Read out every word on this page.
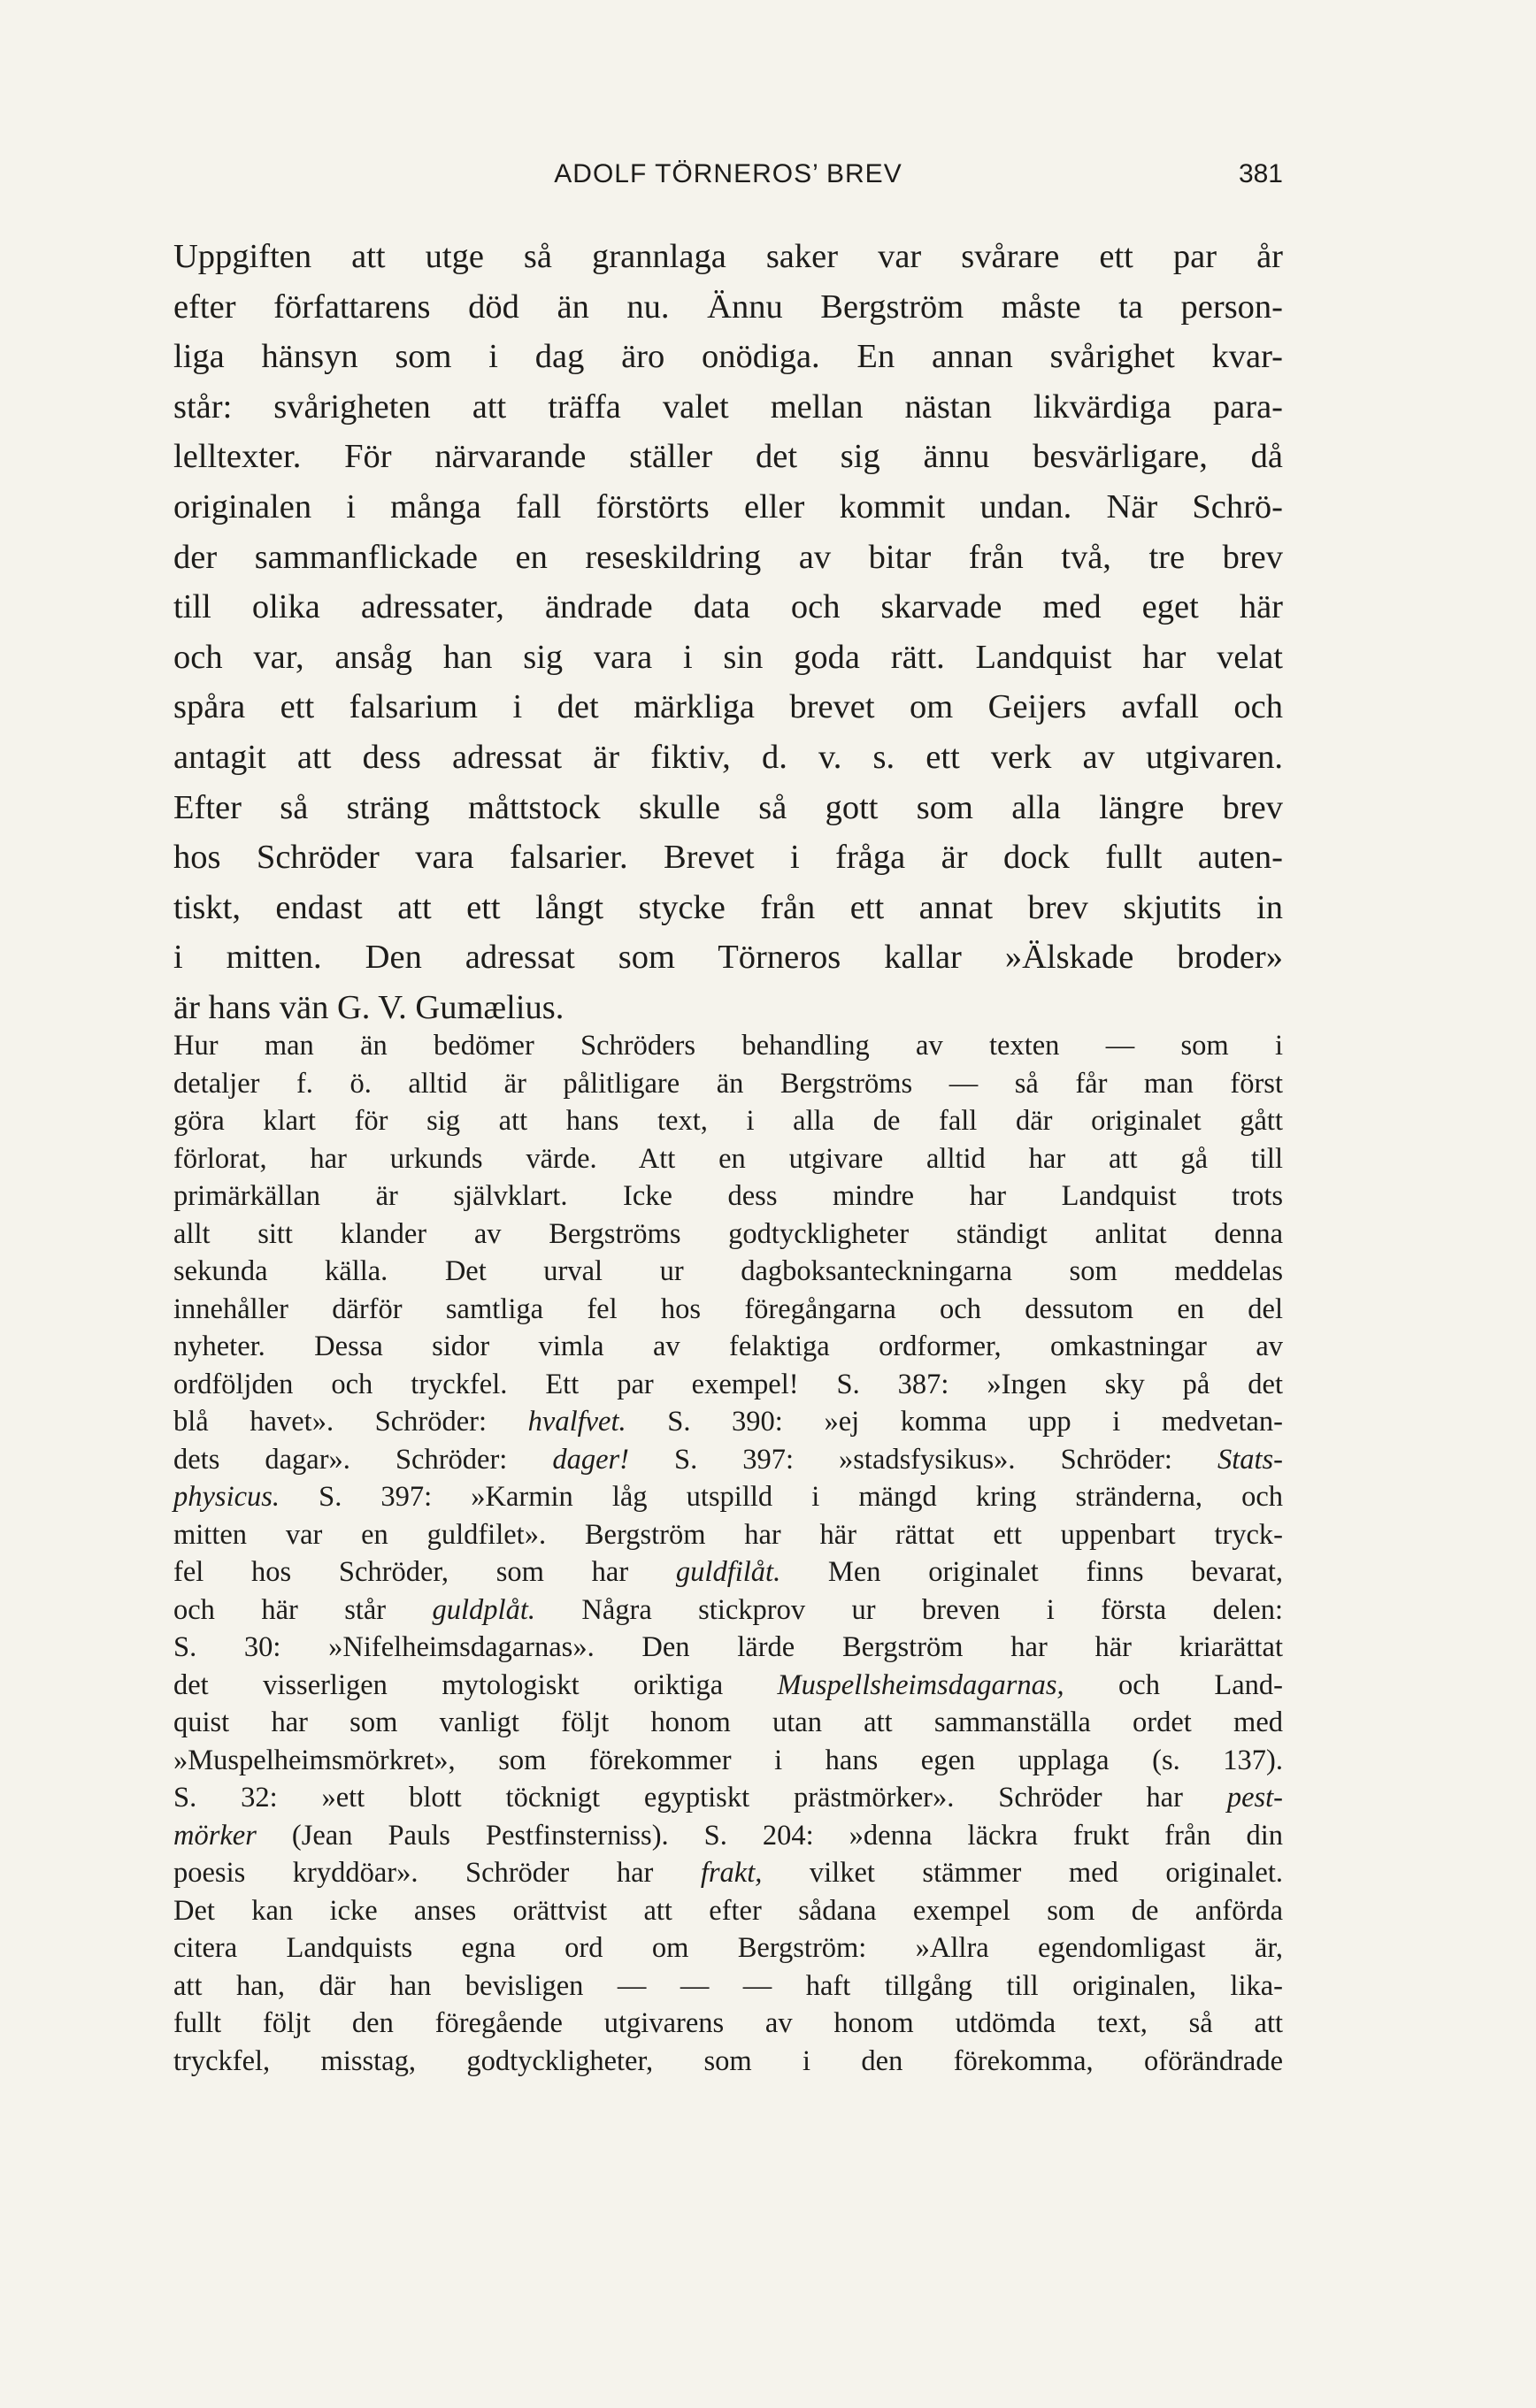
ADOLF TÖRNEROS’ BREV	381
Uppgiften att utge så grannlaga saker var svårare ett par år
efter författarens död än nu. Ännu Bergström måste ta person-
liga hänsyn som i dag äro onödiga. En annan svårighet kvar-
står: svårigheten att träffa valet mellan nästan likvärdiga para-
lelltexter. För närvarande ställer det sig ännu besvärligare, då
originalen i många fall förstörts eller kommit undan. När Schrö-
der sammanflickade en reseskildring av bitar från två, tre brev
till olika adressater, ändrade data och skarvade med eget här
och var, ansåg han sig vara i sin goda rätt. Landquist har velat
spåra ett falsarium i det märkliga brevet om Geijers avfall och
antagit att dess adressat är fiktiv, d. v. s. ett verk av utgivaren.
Efter så sträng måttstock skulle så gott som alla längre brev
hos Schröder vara falsarier. Brevet i fråga är dock fullt auten-
tiskt, endast att ett långt stycke från ett annat brev skjutits in
i mitten. Den adressat som Törneros kallar »Älskade broder»
är hans vän G. V. Gumælius.
Hur man än bedömer Schröders behandling av texten — som i
detaljer f. ö. alltid är pålitligare än Bergströms — så får man först
göra klart för sig att hans text, i alla de fall där originalet gått
förlorat, har urkunds värde. Att en utgivare alltid har att gå till
primärkällan är självklart. Icke dess mindre har Landquist trots
allt sitt klander av Bergströms godtyckligheter ständigt anlitat denna
sekunda källa. Det urval ur dagboksanteckningarna som meddelas
innehåller därför samtliga fel hos föregångarna och dessutom en del
nyheter. Dessa sidor vimla av felaktiga ordformer, omkastningar av
ordföljden och tryckfel. Ett par exempel! S. 387: »Ingen sky på det
blå havet». Schröder: hvalfvet. S. 390: »ej komma upp i medvetan-
dets dagar». Schröder: dager! S. 397: »stadsfysikus». Schröder: Stats-
physicus. S. 397: »Karmin låg utspilld i mängd kring stränderna, och
mitten var en guldfilet». Bergström har här rättat ett uppenbart tryck-
fel hos Schröder, som har guldfilåt. Men originalet finns bevarat,
och här står guldplåt. Några stickprov ur breven i första delen:
S. 30: »Nifelheimsdagarnas». Den lärde Bergström har här kriarättat
det visserligen mytologiskt oriktiga Muspellsheimsdagarnas, och Land-
quist har som vanligt följt honom utan att sammanställa ordet med
»Muspelheimsmörkret», som förekommer i hans egen upplaga (s. 137).
S. 32: »ett blott töcknigt egyptiskt prästmörker». Schröder har pest-
mörker (Jean Pauls Pestfinsterniss). S. 204: »denna läckra frukt från din
poesis kryddöar». Schröder har frakt, vilket stämmer med originalet.
Det kan icke anses orättvist att efter sådana exempel som de anförda
citera Landquists egna ord om Bergström: »Allra egendomligast är,
att han, där han bevisligen — — — haft tillgång till originalen, lika-
fullt följt den föregående utgivarens av honom utdömda text, så att
tryckfel, misstag, godtyckligheter, som i den förekomma, oförändrade
